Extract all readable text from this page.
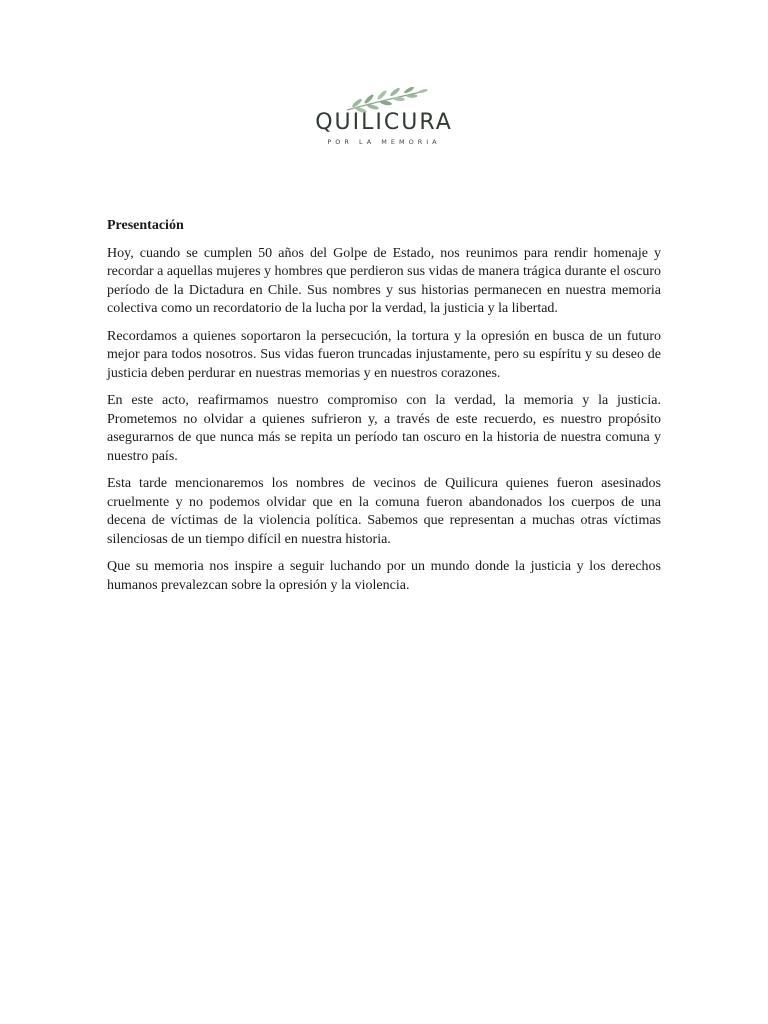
QUILICURA
POR LA MEMORIA
Presentación

Hoy, cuando se cumplen 50 años del Golpe de Estado, nos reunimos para rendir homenaje y recordar a aquellas mujeres y hombres que perdieron sus vidas de manera trágica durante el oscuro período de la Dictadura en Chile. Sus nombres y sus historias permanecen en nuestra memoria colectiva como un recordatorio de la lucha por la verdad, la justicia y la libertad.

Recordamos a quienes soportaron la persecución, la tortura y la opresión en busca de un futuro mejor para todos nosotros. Sus vidas fueron truncadas injustamente, pero su espíritu y su deseo de justicia deben perdurar en nuestras memorias y en nuestros corazones.

En este acto, reafirmamos nuestro compromiso con la verdad, la memoria y la justicia. Prometemos no olvidar a quienes sufrieron y, a través de este recuerdo, es nuestro propósito asegurarnos de que nunca más se repita un período tan oscuro en la historia de nuestra comuna y nuestro país.

Esta tarde mencionaremos los nombres de vecinos de Quilicura quienes fueron asesinados cruelmente y no podemos olvidar que en la comuna fueron abandonados los cuerpos de una decena de víctimas de la violencia política. Sabemos que representan a muchas otras víctimas silenciosas de un tiempo difícil en nuestra historia.

Que su memoria nos inspire a seguir luchando por un mundo donde la justicia y los derechos humanos prevalezcan sobre la opresión y la violencia.
